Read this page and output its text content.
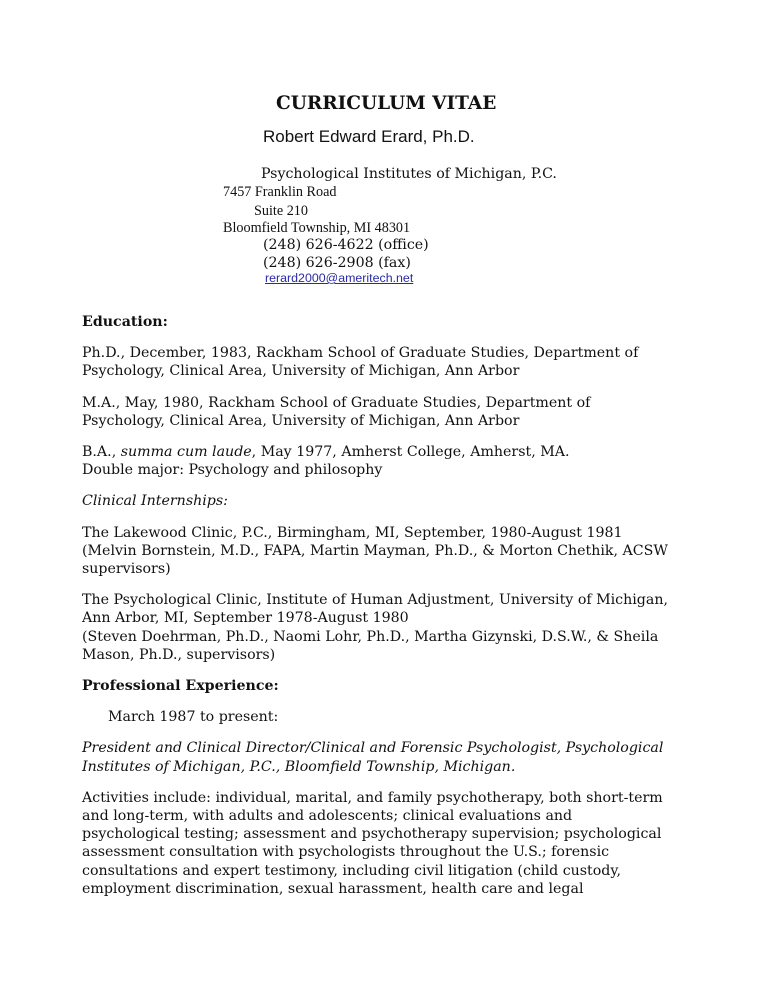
CURRICULUM VITAE
Robert Edward Erard, Ph.D.
Psychological Institutes of Michigan, P.C.
7457 Franklin Road
Suite 210
Bloomfield Township, MI 48301
(248) 626-4622 (office)
(248) 626-2908 (fax)
rerard2000@ameritech.net

Education:

Ph.D., December, 1983, Rackham School of Graduate Studies, Department of
Psychology, Clinical Area, University of Michigan, Ann Arbor

M.A., May, 1980, Rackham School of Graduate Studies, Department of
Psychology, Clinical Area, University of Michigan, Ann Arbor

B.A., summa cum laude, May 1977, Amherst College, Amherst, MA.
Double major: Psychology and philosophy

Clinical Internships:

The Lakewood Clinic, P.C., Birmingham, MI, September, 1980-August 1981
(Melvin Bornstein, M.D., FAPA, Martin Mayman, Ph.D., & Morton Chethik, ACSW
supervisors)

The Psychological Clinic, Institute of Human Adjustment, University of Michigan,
Ann Arbor, MI, September 1978-August 1980
(Steven Doehrman, Ph.D., Naomi Lohr, Ph.D., Martha Gizynski, D.S.W., & Sheila
Mason, Ph.D., supervisors)

Professional Experience:

March 1987 to present:

President and Clinical Director/Clinical and Forensic Psychologist, Psychological
Institutes of Michigan, P.C., Bloomfield Township, Michigan.

Activities include: individual, marital, and family psychotherapy, both short-term
and long-term, with adults and adolescents; clinical evaluations and
psychological testing; assessment and psychotherapy supervision; psychological
assessment consultation with psychologists throughout the U.S.; forensic
consultations and expert testimony, including civil litigation (child custody,
employment discrimination, sexual harassment, health care and legal
